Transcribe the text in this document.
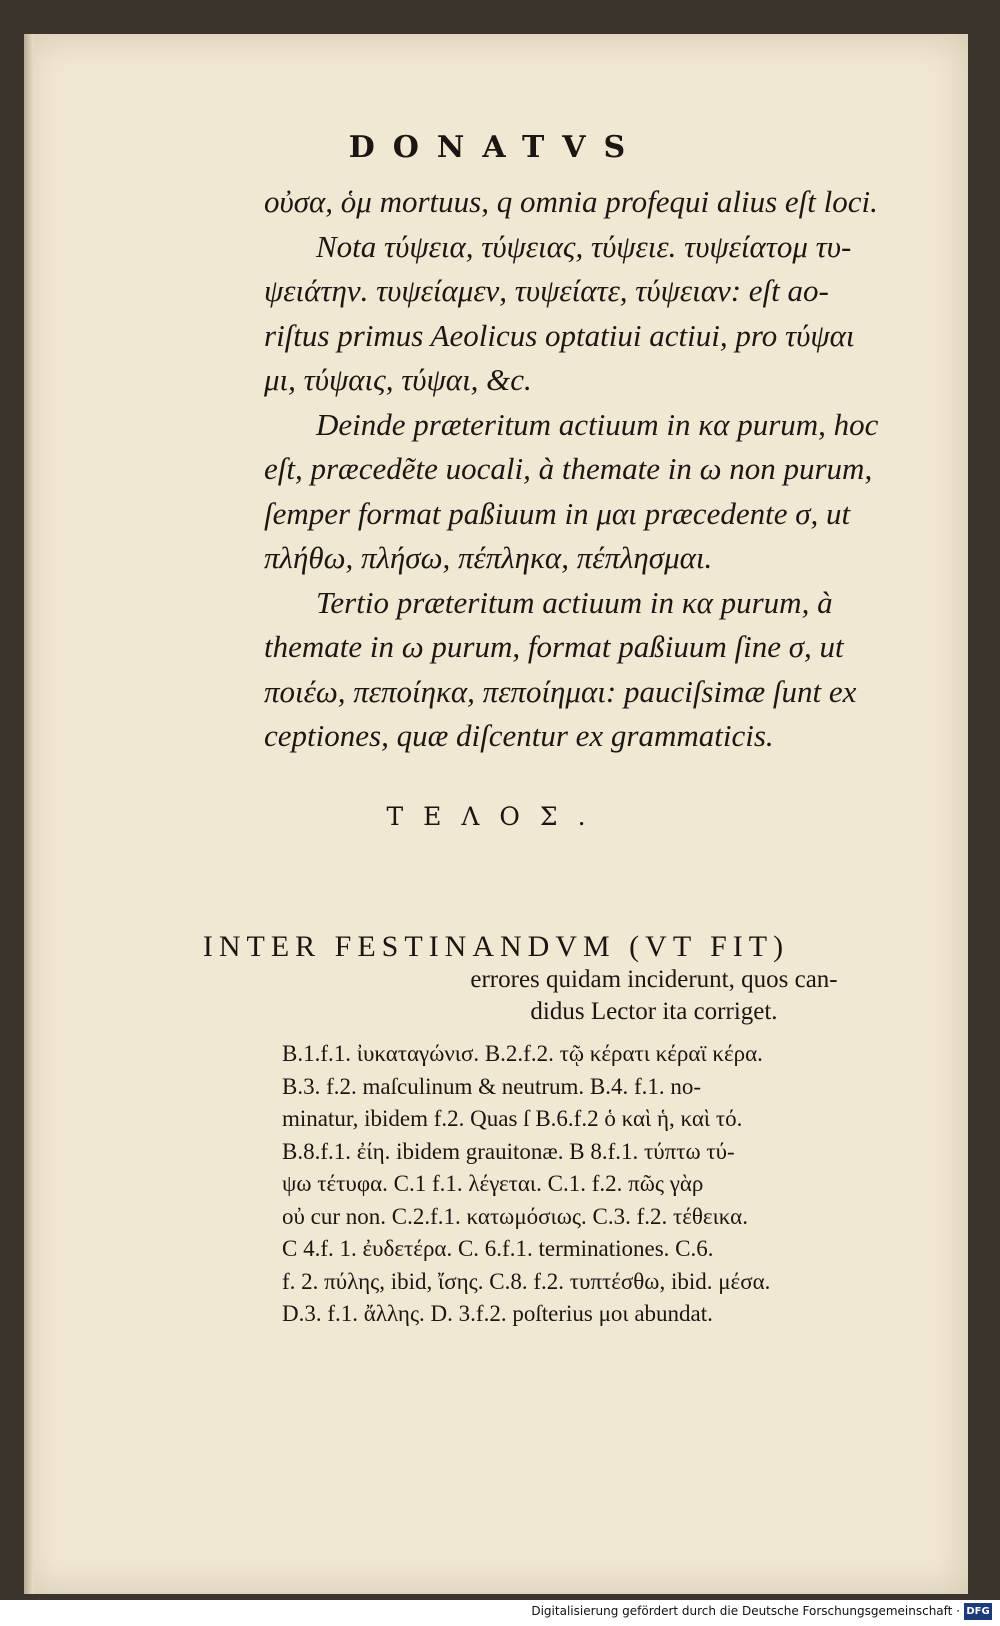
DONATVS

οὐσα, ὁμ mortuus, q omnia profequi alius eſt loci.

Nota τύψεια, τύψειας, τύψειε. τυψείατομ τυ-

ψειάτην. τυψείαμεν, τυψείατε, τύψειαν: eſt ao-

riſtus primus Aeolicus optatiui actiui, pro τύψαι

μι, τύψαις, τύψαι, &c.

Deinde præteritum actiuum in κα purum, hoc

eſt, præcedẽte uocali, à themate in ω non purum,

ſemper format paßiuum in μαι præcedente σ, ut

πλήθω, πλήσω, πέπληκα, πέπλησμαι.

Tertio præteritum actiuum in κα purum, à

themate in ω purum, format paßiuum ſine σ, ut

ποιέω, πεποίηκα, πεποίημαι: pauciſsimæ ſunt ex

ceptiones, quæ diſcentur ex grammaticis.

ΤΕΛΟΣ.
INTER FESTINANDVM (VT FIT)
errores quidam inciderunt, quos can-
didus Lector ita corriget.
B.1.f.1. ἰυκαταγώνισ. B.2.f.2. τῷ κέρατι κέραϊ κέρα.
B.3. f.2. maſculinum & neutrum. B.4. f.1. no-
minatur, ibidem f.2. Quas ſ B.6.f.2 ὁ καὶ ἡ, καὶ τό.
B.8.f.1. ἐίη. ibidem grauitonæ. B 8.f.1. τύπτω τύ-
ψω τέτυφα. C.1 f.1. λέγεται. C.1. f.2. πῶς γὰρ
οὐ cur non. C.2.f.1. κατωμόσιως. C.3. f.2. τέθεικα.
C 4.f. 1. ἐυδετέρα. C. 6.f.1. terminationes. C.6.
f. 2. πύλης, ibid, ἴσης. C.8. f.2. τυπτέσθω, ibid. μέσα.
D.3. f.1. ἄλλης. D. 3.f.2. poſterius μοι abundat.
Digitalisierung gefördert durch die Deutsche Forschungsgemeinschaft · DFG
